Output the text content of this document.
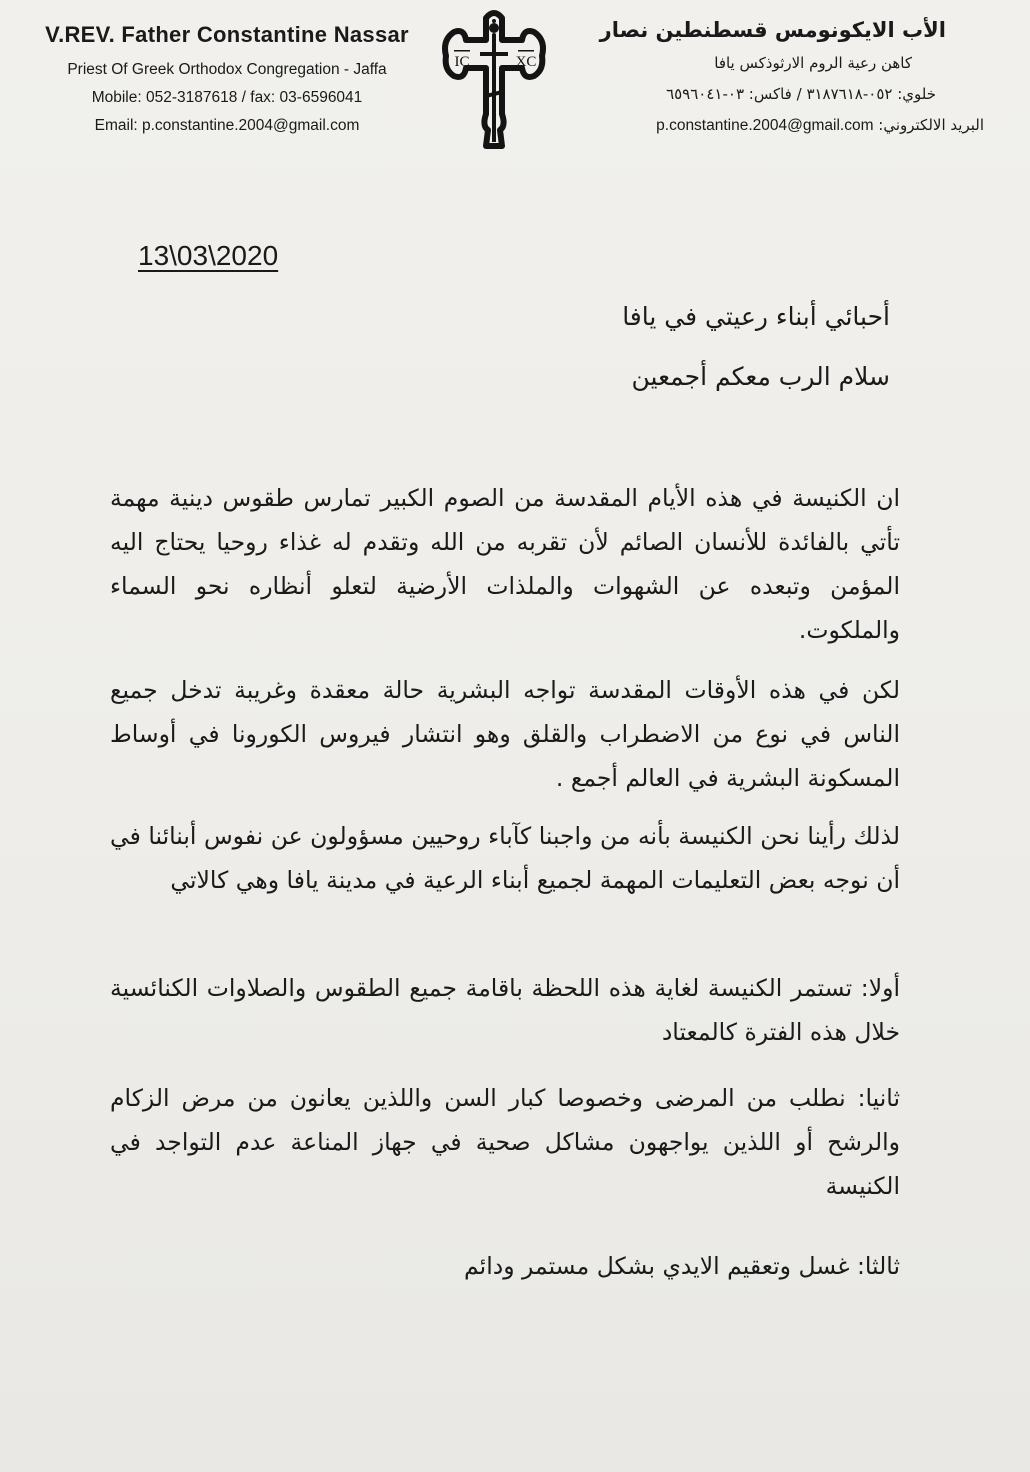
V.REV. Father Constantine Nassar
Priest Of Greek Orthodox Congregation - Jaffa
Mobile: 052-3187618 / fax: 03-6596041
Email: p.constantine.2004@gmail.com
IC	XC
الأب الايكونومس قسطنطين نصار
كاهن رعية الروم الارثوذكس يافا
خلوي: ٠٥٢-٣١٨٧٦١٨ / فاكس: ٠٣-٦٥٩٦٠٤١
البريد الالكتروني: p.constantine.2004@gmail.com
13\03\2020
أحبائي أبناء رعيتي في يافا
سلام الرب معكم أجمعين
ان الكنيسة في هذه الأيام المقدسة من الصوم الكبير تمارس طقوس دينية مهمة تأتي بالفائدة للأنسان الصائم لأن تقربه من الله وتقدم له غذاء روحيا يحتاج اليه المؤمن وتبعده عن الشهوات والملذات الأرضية لتعلو أنظاره نحو السماء والملكوت.
لكن في هذه الأوقات المقدسة تواجه البشرية حالة معقدة وغريبة تدخل جميع الناس في نوع من الاضطراب والقلق وهو انتشار فيروس الكورونا في أوساط المسكونة البشرية في العالم أجمع .
لذلك رأينا نحن الكنيسة بأنه من واجبنا كآباء روحيين مسؤولون عن نفوس أبنائنا في أن نوجه بعض التعليمات المهمة لجميع أبناء الرعية في مدينة يافا وهي كالاتي
أولا: تستمر الكنيسة لغاية هذه اللحظة باقامة جميع الطقوس والصلاوات الكنائسية خلال هذه الفترة كالمعتاد
ثانيا: نطلب من المرضى وخصوصا كبار السن واللذين يعانون من مرض الزكام والرشح أو اللذين يواجهون مشاكل صحية في جهاز المناعة عدم التواجد في الكنيسة
ثالثا: غسل وتعقيم الايدي بشكل مستمر ودائم
